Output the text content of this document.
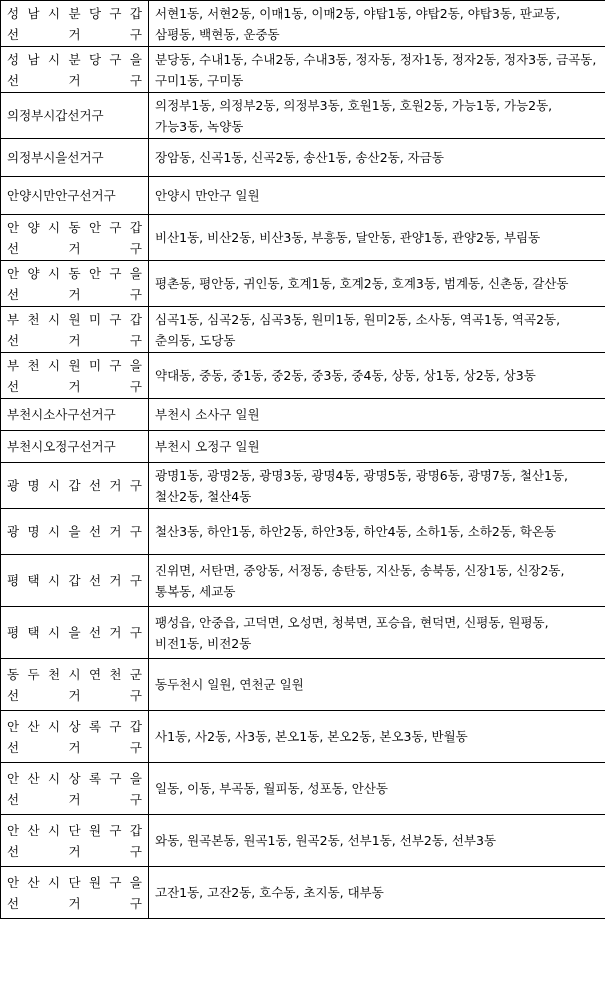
성 남 시 분 당 구 갑
선 거 구	서현1동, 서현2동, 이매1동, 이매2동, 야탑1동, 야탑2동, 야탑3동, 판교동, 삼평동, 백현동, 운중동

성 남 시 분 당 구 을
선 거 구	분당동, 수내1동, 수내2동, 수내3동, 정자동, 정자1동, 정자2동, 정자3동, 금곡동, 구미1동, 구미동

의정부시갑선거구	의정부1동, 의정부2동, 의정부3동, 호원1동, 호원2동, 가능1동, 가능2동, 가능3동, 녹양동

의정부시을선거구	장암동, 신곡1동, 신곡2동, 송산1동, 송산2동, 자금동

안양시만안구선거구	안양시 만안구 일원

안 양 시 동 안 구 갑
선 거 구	비산1동, 비산2동, 비산3동, 부흥동, 달안동, 관양1동, 관양2동, 부림동

안 양 시 동 안 구 을
선 거 구	평촌동, 평안동, 귀인동, 호계1동, 호계2동, 호계3동, 범계동, 신촌동, 갈산동

부 천 시 원 미 구 갑
선 거 구	심곡1동, 심곡2동, 심곡3동, 원미1동, 원미2동, 소사동, 역곡1동, 역곡2동, 춘의동, 도당동

부 천 시 원 미 구 을
선 거 구	약대동, 중동, 중1동, 중2동, 중3동, 중4동, 상동, 상1동, 상2동, 상3동

부천시소사구선거구	부천시 소사구 일원

부천시오정구선거구	부천시 오정구 일원

광 명 시 갑 선 거 구	광명1동, 광명2동, 광명3동, 광명4동, 광명5동, 광명6동, 광명7동, 철산1동, 철산2동, 철산4동

광 명 시 을 선 거 구	철산3동, 하안1동, 하안2동, 하안3동, 하안4동, 소하1동, 소하2동, 학온동

평 택 시 갑 선 거 구	진위면, 서탄면, 중앙동, 서정동, 송탄동, 지산동, 송북동, 신장1동, 신장2동, 통복동, 세교동

평 택 시 을 선 거 구	팽성읍, 안중읍, 고덕면, 오성면, 청북면, 포승읍, 현덕면, 신평동, 원평동, 비전1동, 비전2동

동 두 천 시 연 천 군
선 거 구	동두천시 일원, 연천군 일원

안 산 시 상 록 구 갑
선 거 구	사1동, 사2동, 사3동, 본오1동, 본오2동, 본오3동, 반월동

안 산 시 상 록 구 을
선 거 구	일동, 이동, 부곡동, 월피동, 성포동, 안산동

안 산 시 단 원 구 갑
선 거 구	와동, 원곡본동, 원곡1동, 원곡2동, 선부1동, 선부2동, 선부3동

안 산 시 단 원 구 을
선 거 구	고잔1동, 고잔2동, 호수동, 초지동, 대부동
